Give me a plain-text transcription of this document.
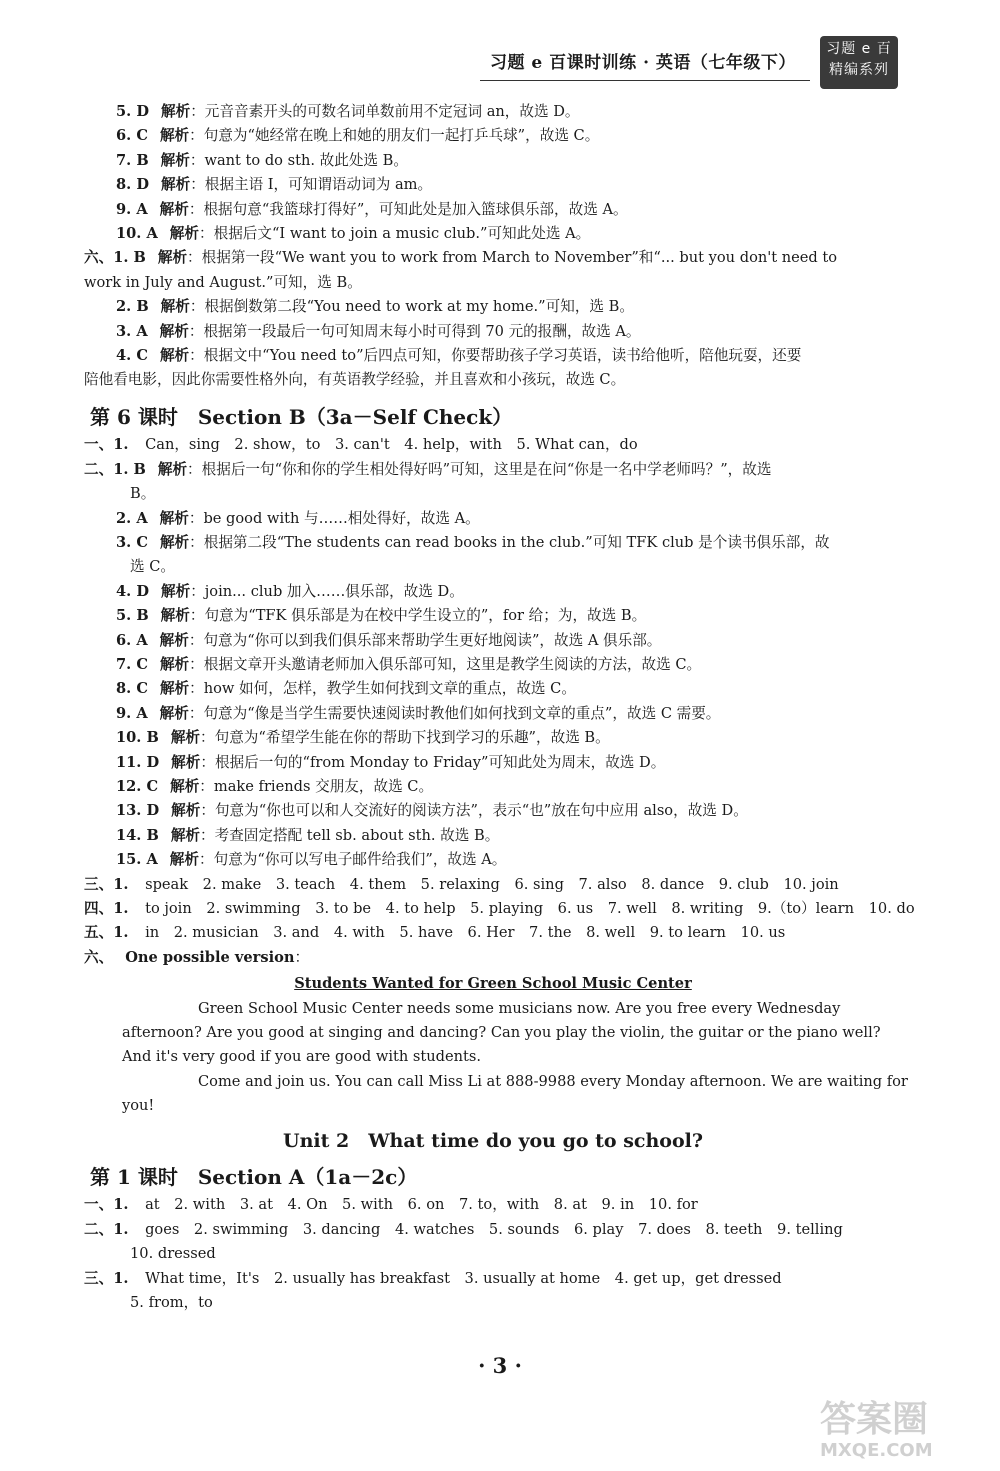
习题 e 百课时训练 · 英语（七年级下）
习题 e 百
精编系列
5. D 解析：元音音素开头的可数名词单数前用不定冠词 an，故选 D。
6. C 解析：句意为“她经常在晚上和她的朋友们一起打乒乓球”，故选 C。
7. B 解析：want to do sth. 故此处选 B。
8. D 解析：根据主语 I，可知谓语动词为 am。
9. A 解析：根据句意“我篮球打得好”，可知此处是加入篮球俱乐部，故选 A。
10. A 解析：根据后文“I want to join a music club.”可知此处选 A。
六、1. B 解析：根据第一段“We want you to work from March to November”和“... but you don't need to
work in July and August.”可知，选 B。
2. B 解析：根据倒数第二段“You need to work at my home.”可知，选 B。
3. A 解析：根据第一段最后一句可知周末每小时可得到 70 元的报酬，故选 A。
4. C 解析：根据文中“You need to”后四点可知，你要帮助孩子学习英语，读书给他听，陪他玩耍，还要
陪他看电影，因此你需要性格外向，有英语教学经验，并且喜欢和小孩玩，故选 C。
第 6 课时　Section B（3a－Self Check）
一、1. Can，sing　2. show，to　3. can't　4. help，with　5. What can，do
二、1. B 解析：根据后一句“你和你的学生相处得好吗”可知，这里是在问“你是一名中学老师吗？”，故选
B。
2. A 解析：be good with 与……相处得好，故选 A。
3. C 解析：根据第二段“The students can read books in the club.”可知 TFK club 是个读书俱乐部，故
选 C。
4. D 解析：join... club 加入……俱乐部，故选 D。
5. B 解析：句意为“TFK 俱乐部是为在校中学生设立的”，for 给；为，故选 B。
6. A 解析：句意为“你可以到我们俱乐部来帮助学生更好地阅读”，故选 A 俱乐部。
7. C 解析：根据文章开头邀请老师加入俱乐部可知，这里是教学生阅读的方法，故选 C。
8. C 解析：how 如何，怎样，教学生如何找到文章的重点，故选 C。
9. A 解析：句意为“像是当学生需要快速阅读时教他们如何找到文章的重点”，故选 C 需要。
10. B 解析：句意为“希望学生能在你的帮助下找到学习的乐趣”，故选 B。
11. D 解析：根据后一句的“from Monday to Friday”可知此处为周末，故选 D。
12. C 解析：make friends 交朋友，故选 C。
13. D 解析：句意为“你也可以和人交流好的阅读方法”，表示“也”放在句中应用 also，故选 D。
14. B 解析：考查固定搭配 tell sb. about sth. 故选 B。
15. A 解析：句意为“你可以写电子邮件给我们”，故选 A。
三、1. speak　2. make　3. teach　4. them　5. relaxing　6. sing　7. also　8. dance　9. club　10. join
四、1. to join　2. swimming　3. to be　4. to help　5. playing　6. us　7. well　8. writing　9.（to）learn　10. do
五、1. in　2. musician　3. and　4. with　5. have　6. Her　7. the　8. well　9. to learn　10. us
六、 One possible version：
Students Wanted for Green School Music Center
Green School Music Center needs some musicians now. Are you free every Wednesday afternoon? Are you good at singing and dancing? Can you play the violin, the guitar or the piano well? And it's very good if you are good with students.
Come and join us. You can call Miss Li at 888-9988 every Monday afternoon. We are waiting for you!
Unit 2　What time do you go to school?
第 1 课时　Section A（1a－2c）
一、1. at　2. with　3. at　4. On　5. with　6. on　7. to，with　8. at　9. in　10. for
二、1. goes　2. swimming　3. dancing　4. watches　5. sounds　6. play　7. does　8. teeth　9. telling
10. dressed
三、1. What time，It's　2. usually has breakfast　3. usually at home　4. get up，get dressed
5. from，to
· 3 ·
答案圈
MXQE.COM
